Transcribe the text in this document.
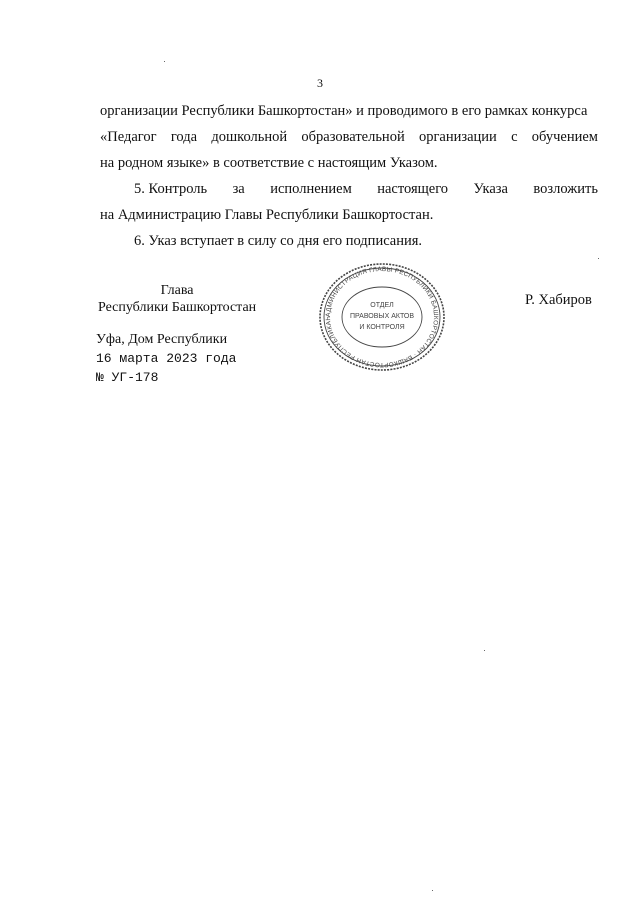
3
организации Республики Башкортостан» и проводимого в его рамках конкурса
«Педагог года дошкольной образовательной организации с обучением
на родном языке» в соответствие с настоящим Указом.
5. Контроль за исполнением настоящего Указа возложить
на Администрацию Главы Республики Башкортостан.
6. Указ вступает в силу со дня его подписания.
Глава
Республики Башкортостан	АДМИНИСТРАЦИЯ ГЛАВЫ РЕСПУБЛИКИ БАШКОРТОСТАН · БАШКОРТОСТАН РЕСПУБЛИКАҺ
ОТДЕЛ
ПРАВОВЫХ АКТОВ
И КОНТРОЛЯ
Р. Хабиров
Уфа, Дом Республики
16 марта 2023 года
№ УГ-178
